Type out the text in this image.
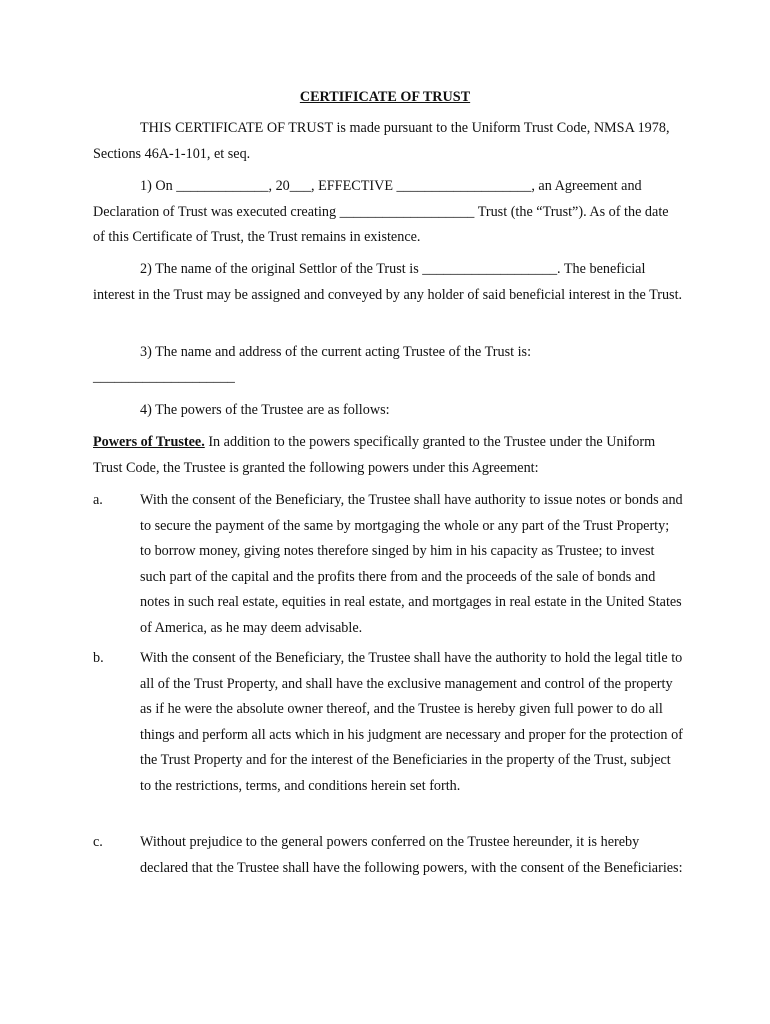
CERTIFICATE OF TRUST

THIS CERTIFICATE OF TRUST is made pursuant to the Uniform Trust Code, NMSA 1978, Sections 46A-1-101, et seq.

1) On _____________, 20___, EFFECTIVE ___________________, an Agreement and Declaration of Trust was executed creating ___________________ Trust (the “Trust”). As of the date of this Certificate of Trust, the Trust remains in existence.

2) The name of the original Settlor of the Trust is ___________________. The beneficial interest in the Trust may be assigned and conveyed by any holder of said beneficial interest in the Trust.

3) The name and address of the current acting Trustee of the Trust is:

____________________

4) The powers of the Trustee are as follows:

Powers of Trustee. In addition to the powers specifically granted to the Trustee under the Uniform Trust Code, the Trustee is granted the following powers under this Agreement:

a.	With the consent of the Beneficiary, the Trustee shall have authority to issue notes or bonds and to secure the payment of the same by mortgaging the whole or any part of the Trust Property; to borrow money, giving notes therefore singed by him in his capacity as Trustee; to invest such part of the capital and the profits there from and the proceeds of the sale of bonds and notes in such real estate, equities in real estate, and mortgages in real estate in the United States of America, as he may deem advisable.

b.	With the consent of the Beneficiary, the Trustee shall have the authority to hold the legal title to all of the Trust Property, and shall have the exclusive management and control of the property as if he were the absolute owner thereof, and the Trustee is hereby given full power to do all things and perform all acts which in his judgment are necessary and proper for the protection of the Trust Property and for the interest of the Beneficiaries in the property of the Trust, subject to the restrictions, terms, and conditions herein set forth.

c.	Without prejudice to the general powers conferred on the Trustee hereunder, it is hereby declared that the Trustee shall have the following powers, with the consent of the Beneficiaries:
